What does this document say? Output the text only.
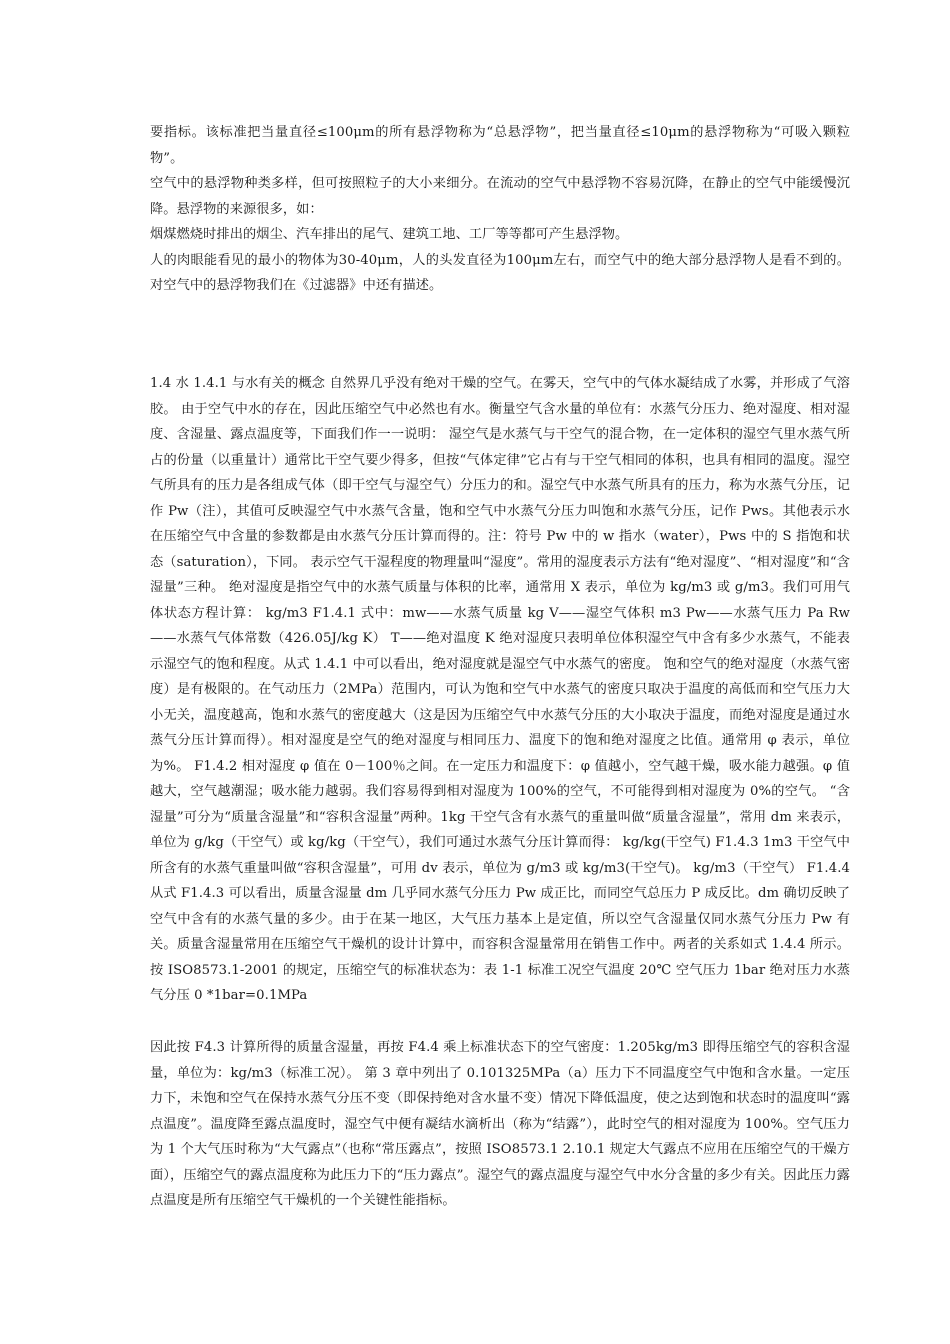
要指标。该标准把当量直径≤100μm的所有悬浮物称为“总悬浮物”，把当量直径≤10μm的悬浮物称为“可吸入颗粒物”。

空气中的悬浮物种类多样，但可按照粒子的大小来细分。在流动的空气中悬浮物不容易沉降，在静止的空气中能缓慢沉降。悬浮物的来源很多，如：

烟煤燃烧时排出的烟尘、汽车排出的尾气、建筑工地、工厂等等都可产生悬浮物。

人的肉眼能看见的最小的物体为30-40μm，人的头发直径为100μm左右，而空气中的绝大部分悬浮物人是看不到的。对空气中的悬浮物我们在《过滤器》中还有描述。

1.4 水 1.4.1 与水有关的概念 自然界几乎没有绝对干燥的空气。在雾天，空气中的气体水凝结成了水雾，并形成了气溶胶。 由于空气中水的存在，因此压缩空气中必然也有水。衡量空气含水量的单位有：水蒸气分压力、绝对湿度、相对湿度、含湿量、露点温度等，下面我们作一一说明： 湿空气是水蒸气与干空气的混合物，在一定体积的湿空气里水蒸气所占的份量（以重量计）通常比干空气要少得多，但按“气体定律”它占有与干空气相同的体积，也具有相同的温度。湿空气所具有的压力是各组成气体（即干空气与湿空气）分压力的和。湿空气中水蒸气所具有的压力，称为水蒸气分压，记作 Pw（注），其值可反映湿空气中水蒸气含量，饱和空气中水蒸气分压力叫饱和水蒸气分压，记作 Pws。其他表示水在压缩空气中含量的参数都是由水蒸气分压计算而得的。注：符号 Pw 中的 w 指水（water），Pws 中的 S 指饱和状态（saturation），下同。 表示空气干湿程度的物理量叫“湿度”。常用的湿度表示方法有“绝对湿度”、“相对湿度”和“含湿量”三种。 绝对湿度是指空气中的水蒸气质量与体积的比率，通常用 X 表示，单位为 kg/m3 或 g/m3。我们可用气体状态方程计算： kg/m3 F1.4.1 式中：mw——水蒸气质量 kg V——湿空气体积 m3 Pw——水蒸气压力 Pa Rw——水蒸气气体常数（426.05J/kg K） T——绝对温度 K 绝对湿度只表明单位体积湿空气中含有多少水蒸气，不能表示湿空气的饱和程度。从式 1.4.1 中可以看出，绝对湿度就是湿空气中水蒸气的密度。 饱和空气的绝对湿度（水蒸气密度）是有极限的。在气动压力（2MPa）范围内，可认为饱和空气中水蒸气的密度只取决于温度的高低而和空气压力大小无关，温度越高，饱和水蒸气的密度越大（这是因为压缩空气中水蒸气分压的大小取决于温度，而绝对湿度是通过水蒸气分压计算而得）。相对湿度是空气的绝对湿度与相同压力、温度下的饱和绝对湿度之比值。通常用 φ 表示，单位为%。 F1.4.2 相对湿度 φ 值在 0－100％之间。在一定压力和温度下：φ 值越小，空气越干燥，吸水能力越强。φ 值越大，空气越潮湿；吸水能力越弱。我们容易得到相对湿度为 100%的空气，不可能得到相对湿度为 0%的空气。 “含湿量”可分为“质量含湿量”和“容积含湿量”两种。1kg 干空气含有水蒸气的重量叫做“质量含湿量”，常用 dm 来表示，单位为 g/kg（干空气）或 kg/kg（干空气），我们可通过水蒸气分压计算而得： kg/kg(干空气) F1.4.3 1m3 干空气中所含有的水蒸气重量叫做“容积含湿量”，可用 dv 表示，单位为 g/m3 或 kg/m3(干空气)。 kg/m3（干空气） F1.4.4 从式 F1.4.3 可以看出，质量含湿量 dm 几乎同水蒸气分压力 Pw 成正比，而同空气总压力 P 成反比。dm 确切反映了空气中含有的水蒸气量的多少。由于在某一地区，大气压力基本上是定值，所以空气含湿量仅同水蒸气分压力 Pw 有关。质量含湿量常用在压缩空气干燥机的设计计算中，而容积含湿量常用在销售工作中。两者的关系如式 1.4.4 所示。按 ISO8573.1-2001 的规定，压缩空气的标准状态为：表 1-1 标准工况空气温度 20℃ 空气压力 1bar 绝对压力水蒸气分压 0 *1bar=0.1MPa

因此按 F4.3 计算所得的质量含湿量，再按 F4.4 乘上标准状态下的空气密度：1.205kg/m3 即得压缩空气的容积含湿量，单位为：kg/m3（标准工况）。 第 3 章中列出了 0.101325MPa（a）压力下不同温度空气中饱和含水量。一定压力下，未饱和空气在保持水蒸气分压不变（即保持绝对含水量不变）情况下降低温度，使之达到饱和状态时的温度叫“露点温度”。温度降至露点温度时，湿空气中便有凝结水滴析出（称为“结露”），此时空气的相对湿度为 100%。空气压力为 1 个大气压时称为“大气露点”（也称“常压露点”，按照 ISO8573.1 2.10.1 规定大气露点不应用在压缩空气的干燥方面），压缩空气的露点温度称为此压力下的“压力露点”。湿空气的露点温度与湿空气中水分含量的多少有关。因此压力露点温度是所有压缩空气干燥机的一个关键性能指标。
